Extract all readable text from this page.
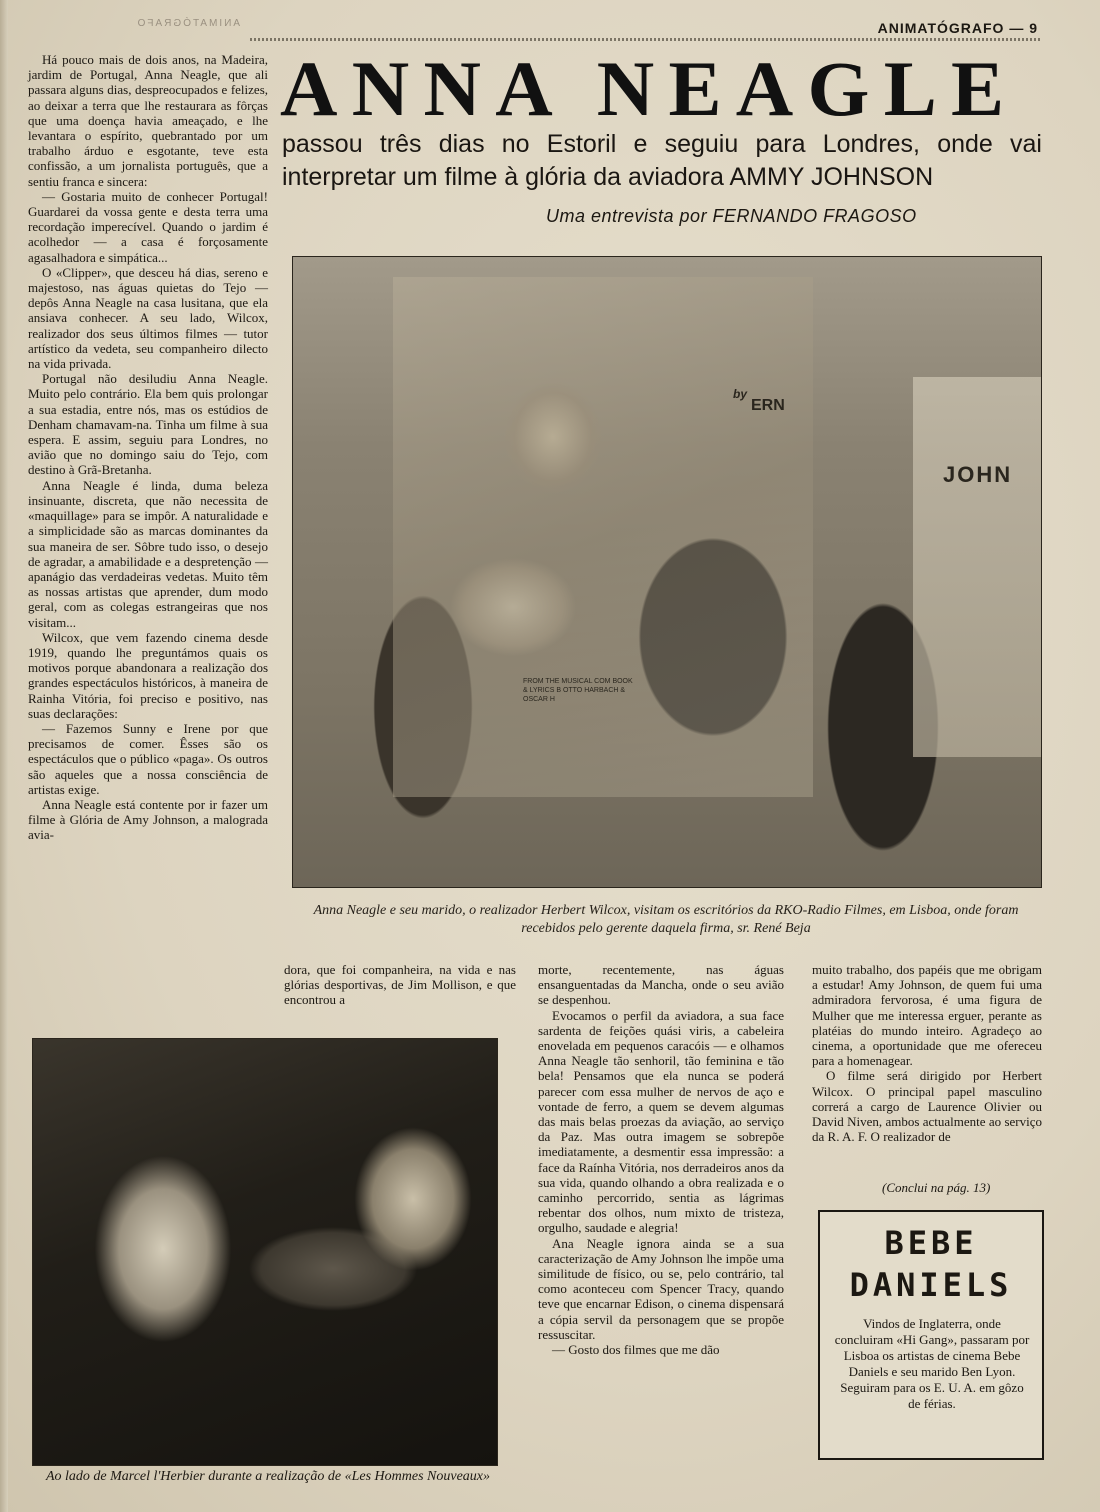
ANIMATÓGRAFO	ANIMATÓGRAFO — 9
ANNA NEAGLE
passou três dias no Estoril e seguiu para Londres, onde vai interpretar um filme à glória da aviadora AMMY JOHNSON
Uma entrevista por FERNANDO FRAGOSO

Há pouco mais de dois anos, na Madeira, jardim de Portugal, Anna Neagle, que ali passara alguns dias, despreocupados e felizes, ao deixar a terra que lhe restaurara as fôrças que uma doença havia ameaçado, e lhe levantara o espírito, quebrantado por um trabalho árduo e esgotante, teve esta confissão, a um jornalista português, que a sentiu franca e sincera:

— Gostaria muito de conhecer Portugal! Guardarei da vossa gente e desta terra uma recordação imperecível. Quando o jardim é acolhedor — a casa é forçosamente agasalhadora e simpática...

O «Clipper», que desceu há dias, sereno e majestoso, nas águas quietas do Tejo — depôs Anna Neagle na casa lusitana, que ela ansiava conhecer. A seu lado, Wilcox, realizador dos seus últimos filmes — tutor artístico da vedeta, seu companheiro dilecto na vida privada.

Portugal não desiludiu Anna Neagle. Muito pelo contrário. Ela bem quis prolongar a sua estadia, entre nós, mas os estúdios de Denham chamavam-na. Tinha um filme à sua espera. E assim, seguiu para Londres, no avião que no domingo saiu do Tejo, com destino à Grã-Bretanha.

Anna Neagle é linda, duma beleza insinuante, discreta, que não necessita de «maquillage» para se impôr. A naturalidade e a simplicidade são as marcas dominantes da sua maneira de ser. Sôbre tudo isso, o desejo de agradar, a amabilidade e a despretenção — apanágio das verdadeiras vedetas. Muito têm as nossas artistas que aprender, dum modo geral, com as colegas estrangeiras que nos visitam...

Wilcox, que vem fazendo cinema desde 1919, quando lhe preguntámos quais os motivos porque abandonara a realização dos grandes espectáculos históricos, à maneira de Rainha Vitória, foi preciso e positivo, nas suas declarações:

— Fazemos Sunny e Irene por que precisamos de comer. Êsses são os espectáculos que o público «paga». Os outros são aqueles que a nossa consciência de artistas exige.

Anna Neagle está contente por ir fazer um filme à Glória de Amy Johnson, a malograda avia-

by
ERN
JOHN
FROM THE MUSICAL COM BOOK & LYRICS B OTTO HARBACH & OSCAR H
Anna Neagle e seu marido, o realizador Herbert Wilcox, visitam os escritórios da RKO-Radio Filmes, em Lisboa, onde foram recebidos pelo gerente daquela firma, sr. René Beja

dora, que foi companheira, na vida e nas glórias desportivas, de Jim Mollison, e que encontrou a

morte, recentemente, nas águas ensanguentadas da Mancha, onde o seu avião se despenhou.

Evocamos o perfil da aviadora, a sua face sardenta de feições quási viris, a cabeleira enovelada em pequenos caracóis — e olhamos Anna Neagle tão senhoril, tão feminina e tão bela! Pensamos que ela nunca se poderá parecer com essa mulher de nervos de aço e vontade de ferro, a quem se devem algumas das mais belas proezas da aviação, ao serviço da Paz. Mas outra imagem se sobrepõe imediatamente, a desmentir essa impressão: a face da Raínha Vitória, nos derradeiros anos da sua vida, quando olhando a obra realizada e o caminho percorrido, sentia as lágrimas rebentar dos olhos, num mixto de tristeza, orgulho, saudade e alegria!

Ana Neagle ignora ainda se a sua caracterização de Amy Johnson lhe impõe uma similitude de físico, ou se, pelo contrário, tal como aconteceu com Spencer Tracy, quando teve que encarnar Edison, o cinema dispensará a cópia servil da personagem que se propõe ressuscitar.

— Gosto dos filmes que me dão

muito trabalho, dos papéis que me obrigam a estudar! Amy Johnson, de quem fui uma admiradora fervorosa, é uma figura de Mulher que me interessa erguer, perante as platéias do mundo inteiro. Agradeço ao cinema, a oportunidade que me ofereceu para a homenagear.

O filme será dirigido por Herbert Wilcox. O principal papel masculino correrá a cargo de Laurence Olivier ou David Niven, ambos actualmente ao serviço da R. A. F. O realizador de

(Conclui na pág. 13)
Ao lado de Marcel l'Herbier durante a realização de «Les Hommes Nouveaux»
BEBE DANIELS
Vindos de Inglaterra, onde concluiram «Hi Gang», passaram por Lisboa os artistas de cinema Bebe Daniels e seu marido Ben Lyon. Seguiram para os E. U. A. em gôzo de férias.
